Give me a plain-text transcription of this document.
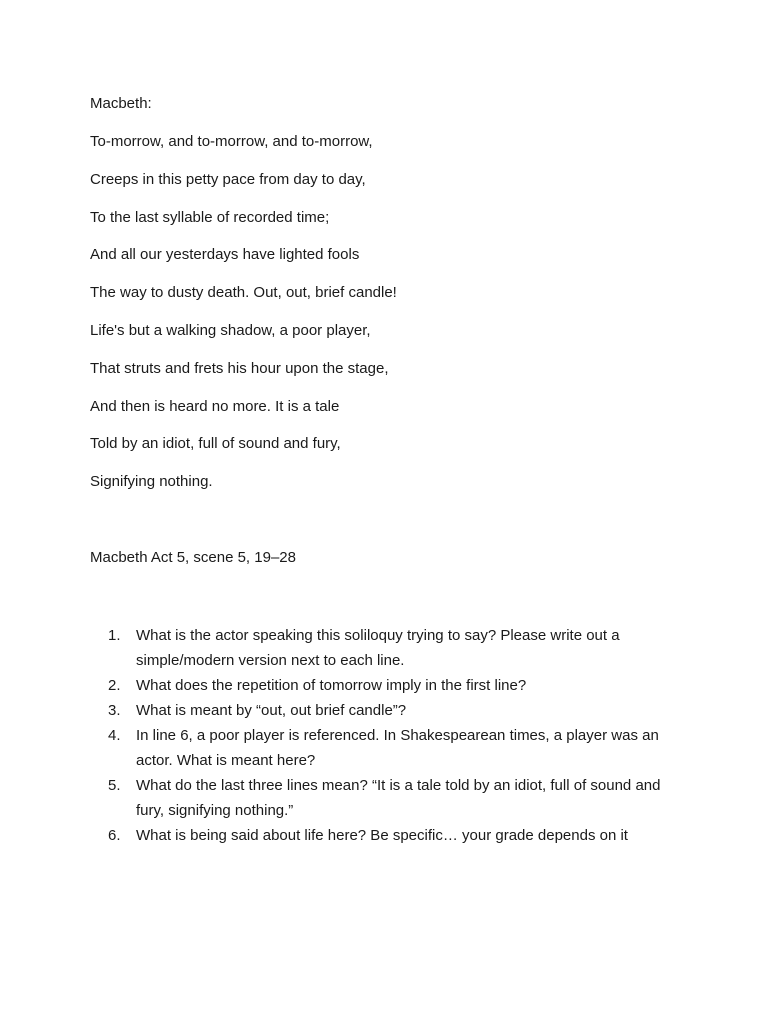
Macbeth:
To-morrow, and to-morrow, and to-morrow,
Creeps in this petty pace from day to day,
To the last syllable of recorded time;
And all our yesterdays have lighted fools
The way to dusty death. Out, out, brief candle!
Life's but a walking shadow, a poor player,
That struts and frets his hour upon the stage,
And then is heard no more. It is a tale
Told by an idiot, full of sound and fury,
Signifying nothing.
Macbeth Act 5, scene 5, 19–28
1.	What is the actor speaking this soliloquy trying to say? Please write out a simple/modern version next to each line.
2.	What does the repetition of tomorrow imply in the first line?
3.	What is meant by “out, out brief candle”?
4.	In line 6, a poor player is referenced. In Shakespearean times, a player was an actor. What is meant here?
5.	What do the last three lines mean? “It is a tale told by an idiot, full of sound and fury, signifying nothing.”
6.	What is being said about life here? Be specific… your grade depends on it
